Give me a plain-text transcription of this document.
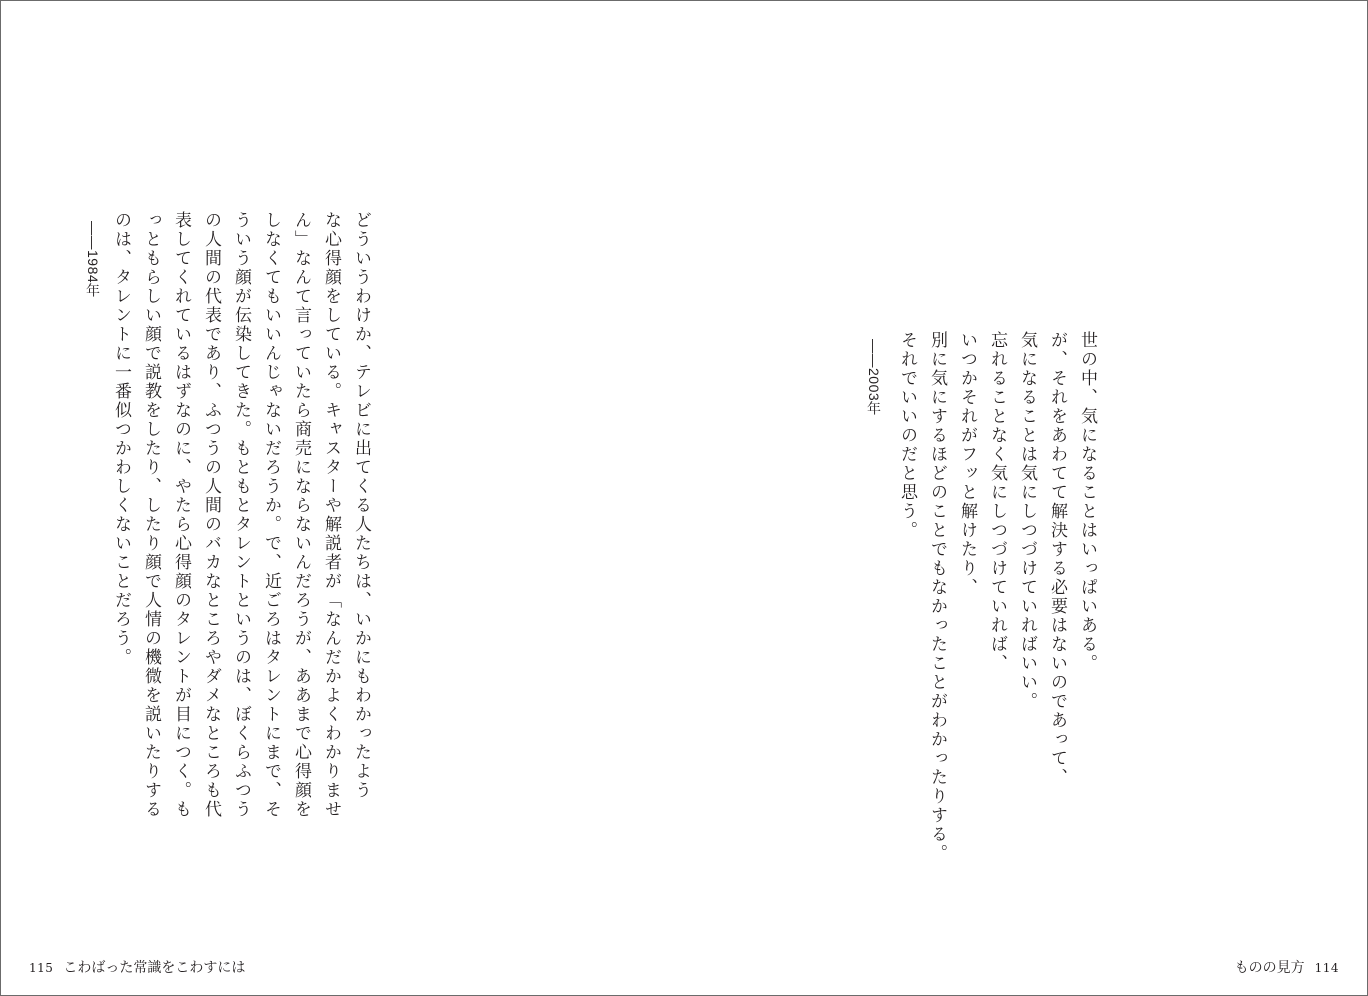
世の中、気になることはいっぱいある。
が、それをあわてて解決する必要はないのであって、
気になることは気にしつづけていればいい。
忘れることなく気にしつづけていれば、
いつかそれがフッと解けたり、
別に気にするほどのことでもなかったことがわかったりする。
それでいいのだと思う。
——2003年
どういうわけか、テレビに出てくる人たちは、いかにもわかったよう
な心得顔をしている。キャスターや解説者が「なんだかよくわかりませ
ん」なんて言っていたら商売にならないんだろうが、ああまで心得顔を
しなくてもいいんじゃないだろうか。で、近ごろはタレントにまで、そ
ういう顔が伝染してきた。もともとタレントというのは、ぼくらふつう
の人間の代表であり、ふつうの人間のバカなところやダメなところも代
表してくれているはずなのに、やたら心得顔のタレントが目につく。も
っともらしい顔で説教をしたり、したり顔で人情の機微を説いたりする
のは、タレントに一番似つかわしくないことだろう。
——1984年
115 こわばった常識をこわすには	ものの見方 114
